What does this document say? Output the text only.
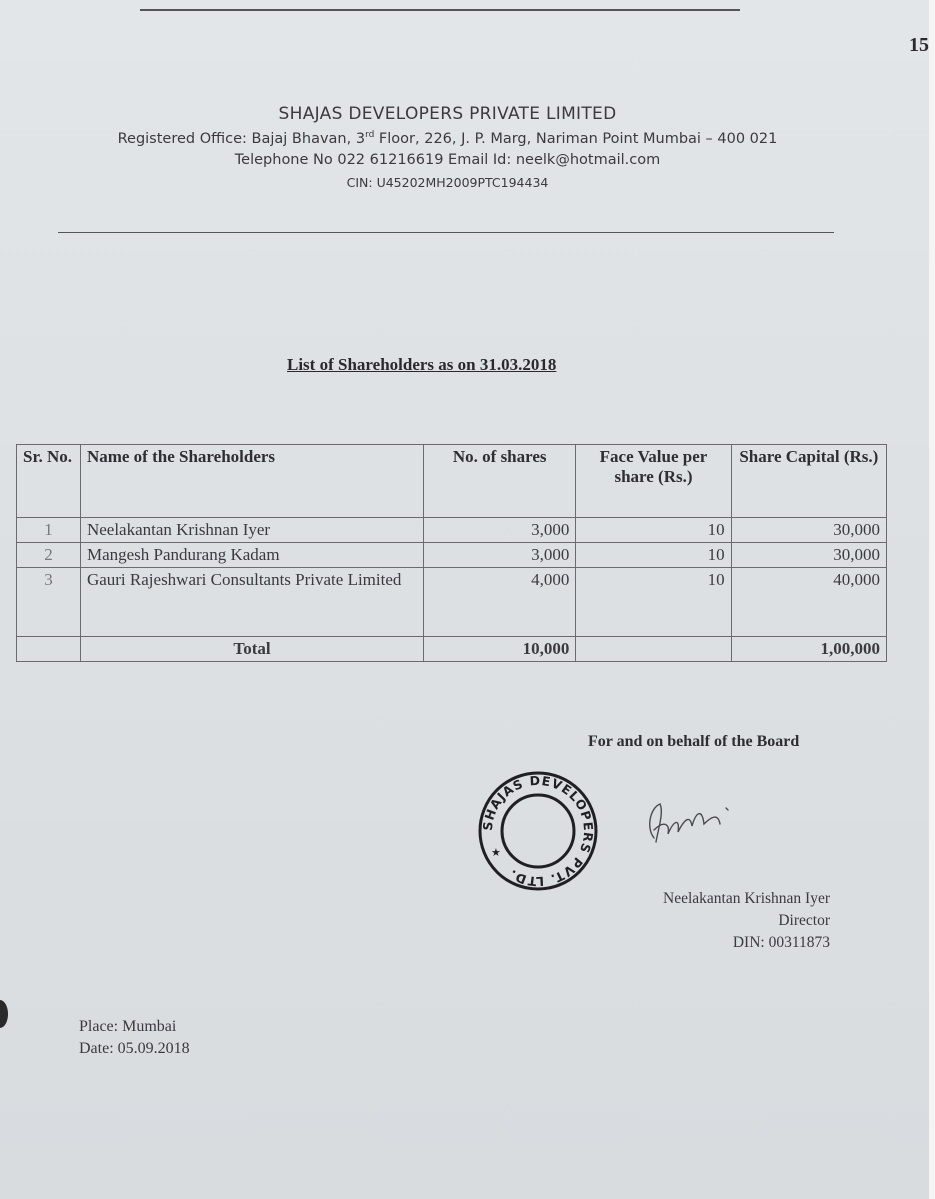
15
SHAJAS DEVELOPERS PRIVATE LIMITED
Registered Office: Bajaj Bhavan, 3rd Floor, 226, J. P. Marg, Nariman Point Mumbai – 400 021
Telephone No 022 61216619 Email Id: neelk@hotmail.com
CIN: U45202MH2009PTC194434
List of Shareholders as on 31.03.2018
Sr. No.	Name of the Shareholders	No. of shares	Face Value per share (Rs.)	Share Capital (Rs.)
1	Neelakantan Krishnan Iyer	3,000	10	30,000
2	Mangesh Pandurang Kadam	3,000	10	30,000
3	Gauri Rajeshwari Consultants Private Limited	4,000	10	40,000
	Total	10,000		1,00,000
For and on behalf of the Board
SHAJAS DEVELOPERS PVT. LTD.
★
Neelakantan Krishnan Iyer
Director
DIN: 00311873
Place: Mumbai
Date: 05.09.2018
